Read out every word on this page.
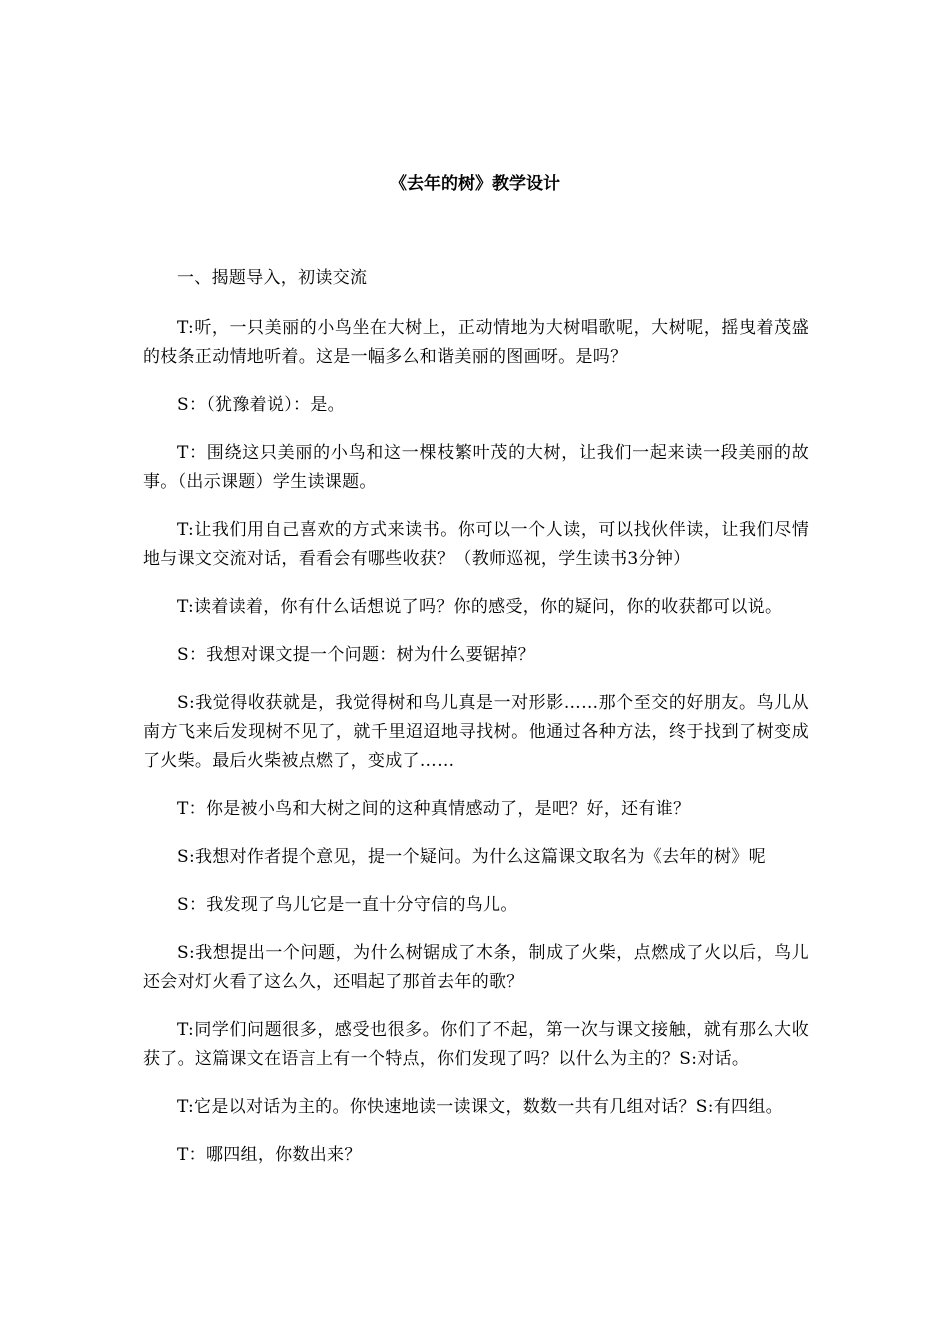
《去年的树》教学设计

一、揭题导入，初读交流

T:听，一只美丽的小鸟坐在大树上，正动情地为大树唱歌呢，大树呢，摇曳着茂盛的枝条正动情地听着。这是一幅多么和谐美丽的图画呀。是吗？

S：（犹豫着说）：是。

T：围绕这只美丽的小鸟和这一棵枝繁叶茂的大树，让我们一起来读一段美丽的故事。（出示课题）学生读课题。

T:让我们用自己喜欢的方式来读书。你可以一个人读，可以找伙伴读，让我们尽情地与课文交流对话，看看会有哪些收获？（教师巡视，学生读书3分钟）

T:读着读着，你有什么话想说了吗？你的感受，你的疑问，你的收获都可以说。

S：我想对课文提一个问题：树为什么要锯掉？

S:我觉得收获就是，我觉得树和鸟儿真是一对形影……那个至交的好朋友。鸟儿从南方飞来后发现树不见了，就千里迢迢地寻找树。他通过各种方法，终于找到了树变成了火柴。最后火柴被点燃了，变成了……

T：你是被小鸟和大树之间的这种真情感动了，是吧？好，还有谁？

S:我想对作者提个意见，提一个疑问。为什么这篇课文取名为《去年的树》呢

S：我发现了鸟儿它是一直十分守信的鸟儿。

S:我想提出一个问题，为什么树锯成了木条，制成了火柴，点燃成了火以后，鸟儿还会对灯火看了这么久，还唱起了那首去年的歌？

T:同学们问题很多，感受也很多。你们了不起，第一次与课文接触，就有那么大收获了。这篇课文在语言上有一个特点，你们发现了吗？以什么为主的？S:对话。

T:它是以对话为主的。你快速地读一读课文，数数一共有几组对话？S:有四组。

T：哪四组，你数出来？
